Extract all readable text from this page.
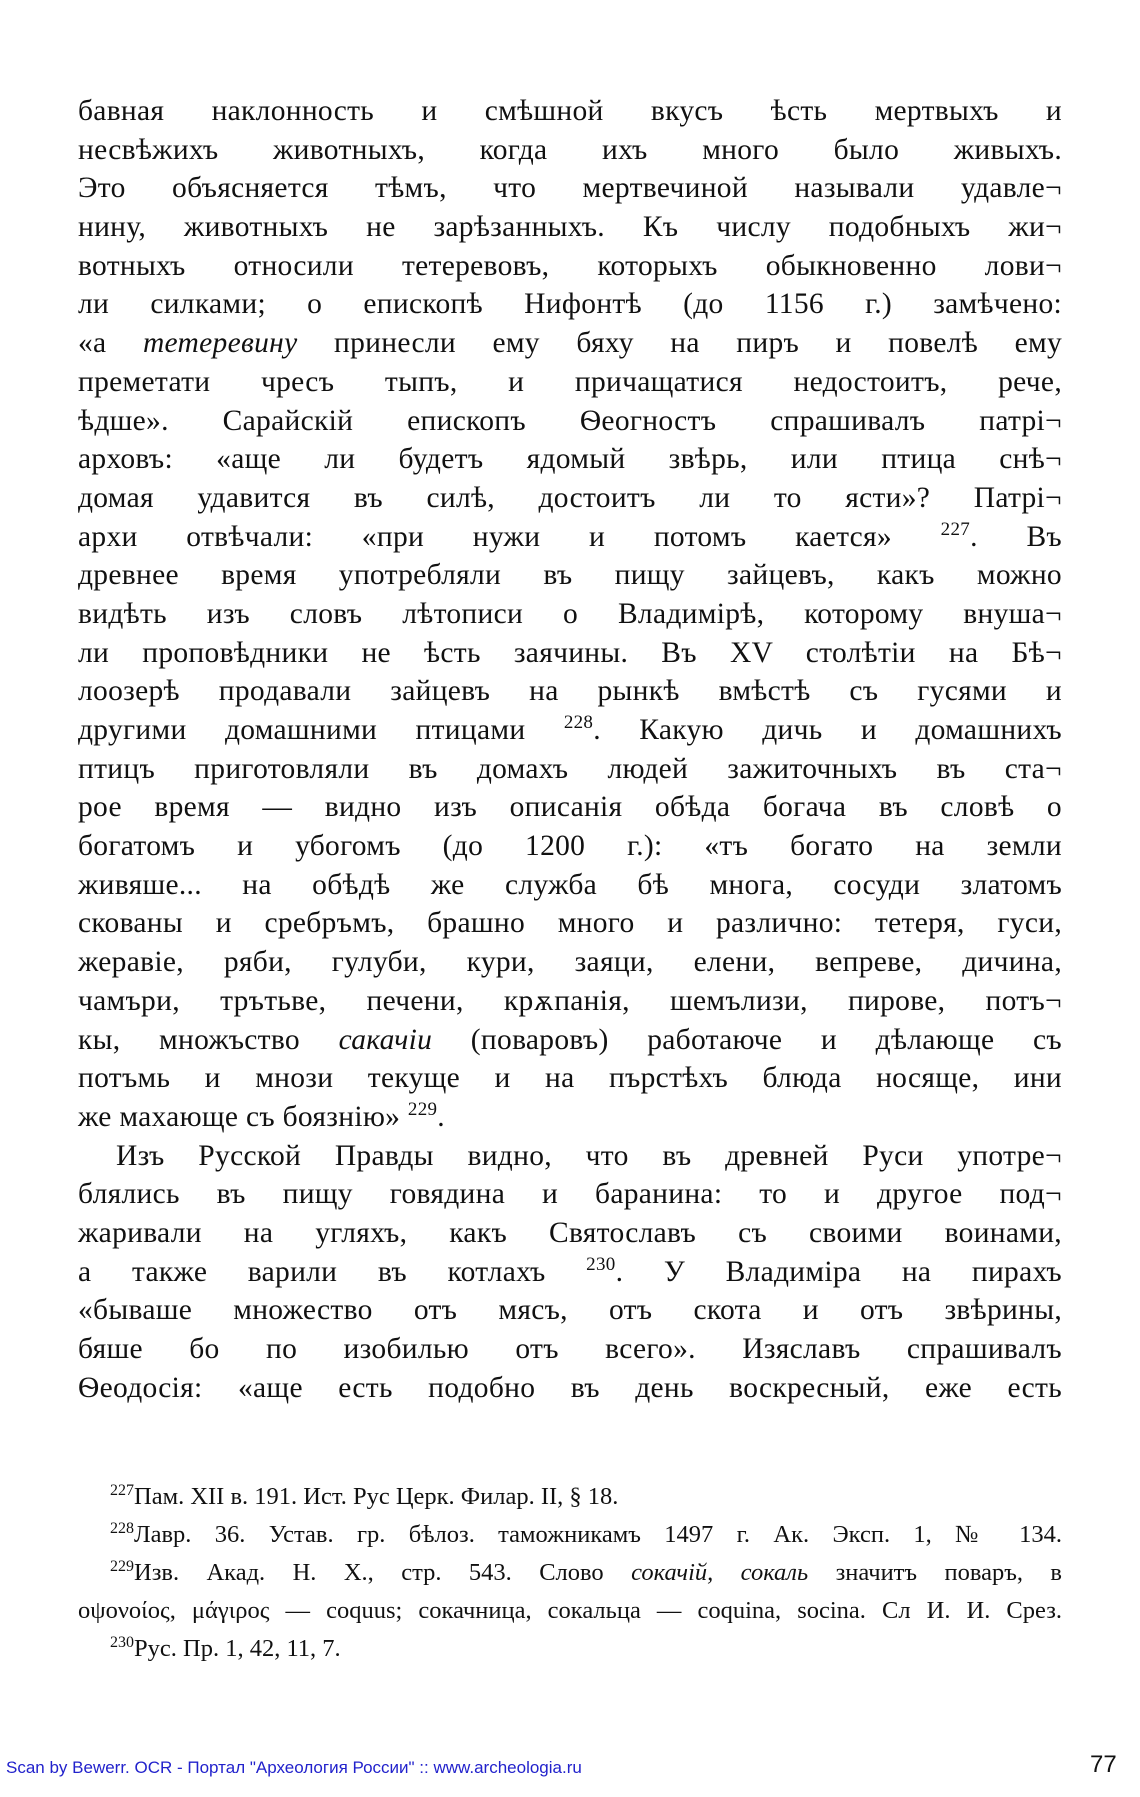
бавная наклонность и смѣшной вкусъ ѣсть мертвыхъ и
несвѣжихъ животныхъ, когда ихъ много было живыхъ.
Это объясняется тѣмъ, что мертвечиной называли удавле¬
нину, животныхъ не зарѣзанныхъ. Къ числу подобныхъ жи¬
вотныхъ относили тетеревовъ, которыхъ обыкновенно лови¬
ли силками; о епископѣ Нифонтѣ (до 1156 г.) замѣчено:
«а тетеревину принесли ему бяху на пиръ и повелѣ ему
преметати чресъ тыпъ, и причащатися недостоитъ, рече,
ѣдше». Сарайскій епископъ Ѳеогностъ спрашивалъ патрі¬
арховъ: «аще ли будетъ ядомый звѣрь, или птица снѣ¬
домая удавится въ силѣ, достоитъ ли то ясти»? Патрі¬
архи отвѣчали: «при нужи и потомъ кается» $^{227}$. Въ
древнее время употребляли въ пищу зайцевъ, какъ можно
видѣть изъ словъ лѣтописи о Владимірѣ, которому внуша¬
ли проповѣдники не ѣсть заячины. Въ XV столѣтіи на Бѣ¬
лоозерѣ продавали зайцевъ на рынкѣ вмѣстѣ съ гусями и
другими домашними птицами $^{228}$. Какую дичь и домашнихъ
птицъ приготовляли въ домахъ людей зажиточныхъ въ ста¬
рое время — видно изъ описанія обѣда богача въ словѣ о
богатомъ и убогомъ (до 1200 г.): «тъ богато на земли
живяше... на обѣдѣ же служба бѣ многа, сосуди златомъ
скованы и сребръмъ, брашно много и различно: тетеря, гуси,
жеравіе, ряби, гулуби, кури, заяци, елени, вепреве, дичина,
чамъри, трътьве, печени, крѫпанія, шемълизи, пирове, потъ¬
кы, множъство сакачіи (поваровъ) работаюче и дѣлающе съ
потъмь и мнози текуще и на пърстѣхъ блюда носяще, ини
же махающе съ боязнію» $^{229}$.
Изъ Русской Правды видно, что въ древней Руси употре¬
блялись въ пищу говядина и баранина: то и другое под¬
жаривали на угляхъ, какъ Святославъ съ своими воинами,
а также варили въ котлахъ $^{230}$. У Владиміра на пирахъ
«бываше множество отъ мясъ, отъ скота и отъ звѣрины,
бяше бо по изобилью отъ всего». Изяславъ спрашивалъ
Ѳеодосія: «аще есть подобно въ день воскресный, еже есть
$^{227}$Пам. XII в. 191. Ист. Рус Церк. Филар. II, § 18.
$^{228}$Лавр. 36. Устав. гр. бѣлоз. таможникамъ 1497 г. Ак. Эксп. 1, № 134.
$^{229}$Изв. Акад. Н. Х., стр. 543. Слово сокачій, сокаль значитъ поваръ, в
οψονοίος, μάγιρος — coquus; сокачница, сокальца — coquina, socina. Сл И. И. Срез.
$^{230}$Рус. Пр. 1, 42, 11, 7.
Scan by Bewerr. OCR - Портал "Археология России" :: www.archeologia.ru	77
